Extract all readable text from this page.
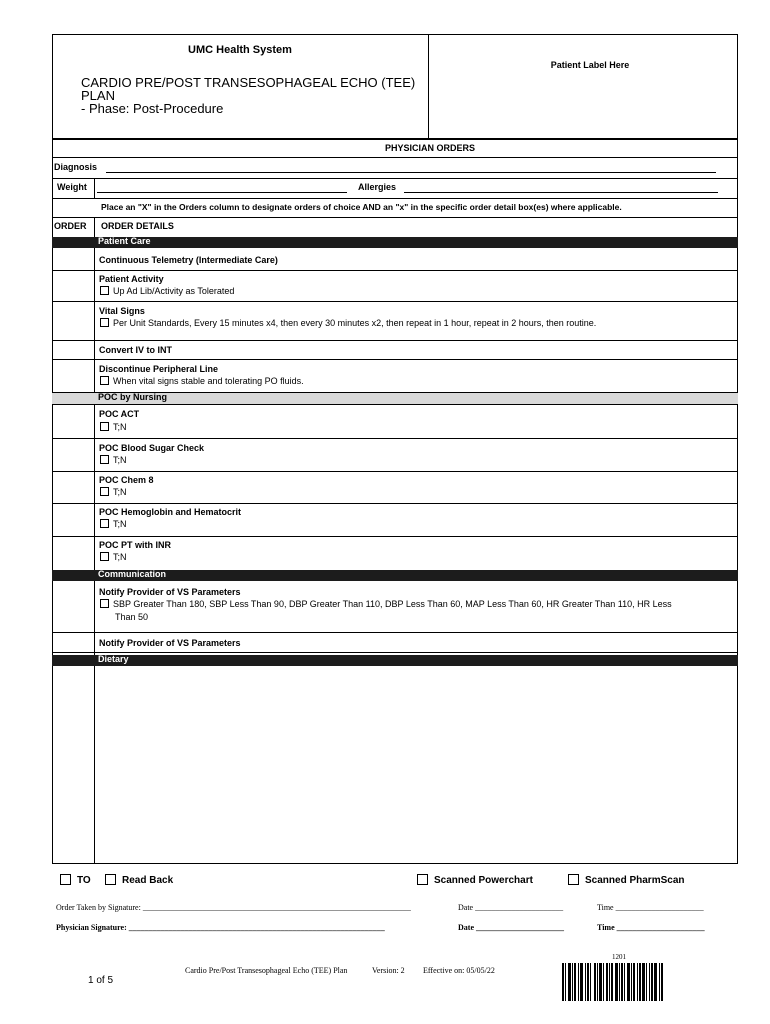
UMC Health System
CARDIO PRE/POST TRANSESOPHAGEAL ECHO (TEE)
PLAN
- Phase: Post-Procedure
Patient Label Here
PHYSICIAN ORDERS
Diagnosis
Weight	Allergies
Place an "X" in the Orders column to designate orders of choice AND an "x" in the specific order detail box(es) where applicable.
ORDER ORDER DETAILS
Patient Care
Continuous Telemetry (Intermediate Care)
Patient Activity
Up Ad Lib/Activity as Tolerated
Vital Signs
Per Unit Standards, Every 15 minutes x4, then every 30 minutes x2, then repeat in 1 hour, repeat in 2 hours, then routine.
Convert IV to INT
Discontinue Peripheral Line
When vital signs stable and tolerating PO fluids.
POC by Nursing
POC ACT
T;N
POC Blood Sugar Check
T;N
POC Chem 8
T;N
POC Hemoglobin and Hematocrit
T;N
POC PT with INR
T;N
Communication
Notify Provider of VS Parameters
SBP Greater Than 180, SBP Less Than 90, DBP Greater Than 110, DBP Less Than 60, MAP Less Than 60, HR Greater Than 110, HR Less
Than 50
Notify Provider of VS Parameters
Dietary
TO	Read Back	Scanned Powerchart	Scanned PharmScan
Order Taken by Signature: ___________________________________________________________________	Date ______________________	Time ______________________
Physician Signature: ________________________________________________________________	Date ______________________	Time ______________________
1 of 5
Cardio Pre/Post Transesophageal Echo (TEE) Plan	Version: 2 Effective on: 05/05/22
1201
